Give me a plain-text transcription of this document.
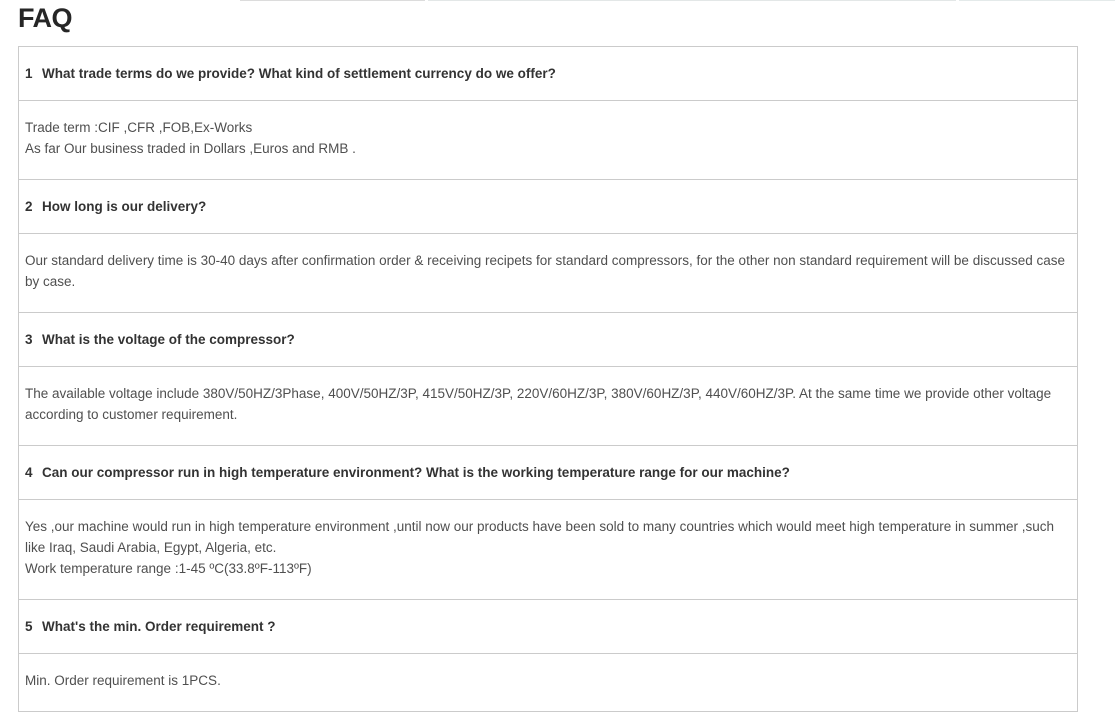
FAQ
1 What trade terms do we provide? What kind of settlement currency do we offer?
Trade term :CIF ,CFR ,FOB,Ex-Works
As far Our business traded in Dollars ,Euros and RMB .
2 How long is our delivery?
Our standard delivery time is 30-40 days after confirmation order & receiving recipets for standard compressors, for the other non standard requirement will be discussed case by case.
3 What is the voltage of the compressor?
The available voltage include 380V/50HZ/3Phase, 400V/50HZ/3P, 415V/50HZ/3P, 220V/60HZ/3P, 380V/60HZ/3P, 440V/60HZ/3P. At the same time we provide other voltage according to customer requirement.
4 Can our compressor run in high temperature environment? What is the working temperature range for our machine?
Yes ,our machine would run in high temperature environment ,until now our products have been sold to many countries which would meet high temperature in summer ,such like Iraq, Saudi Arabia, Egypt, Algeria, etc.
Work temperature range :1-45 ºC(33.8ºF-113ºF)
5 What's the min. Order requirement ?
Min. Order requirement is 1PCS.
